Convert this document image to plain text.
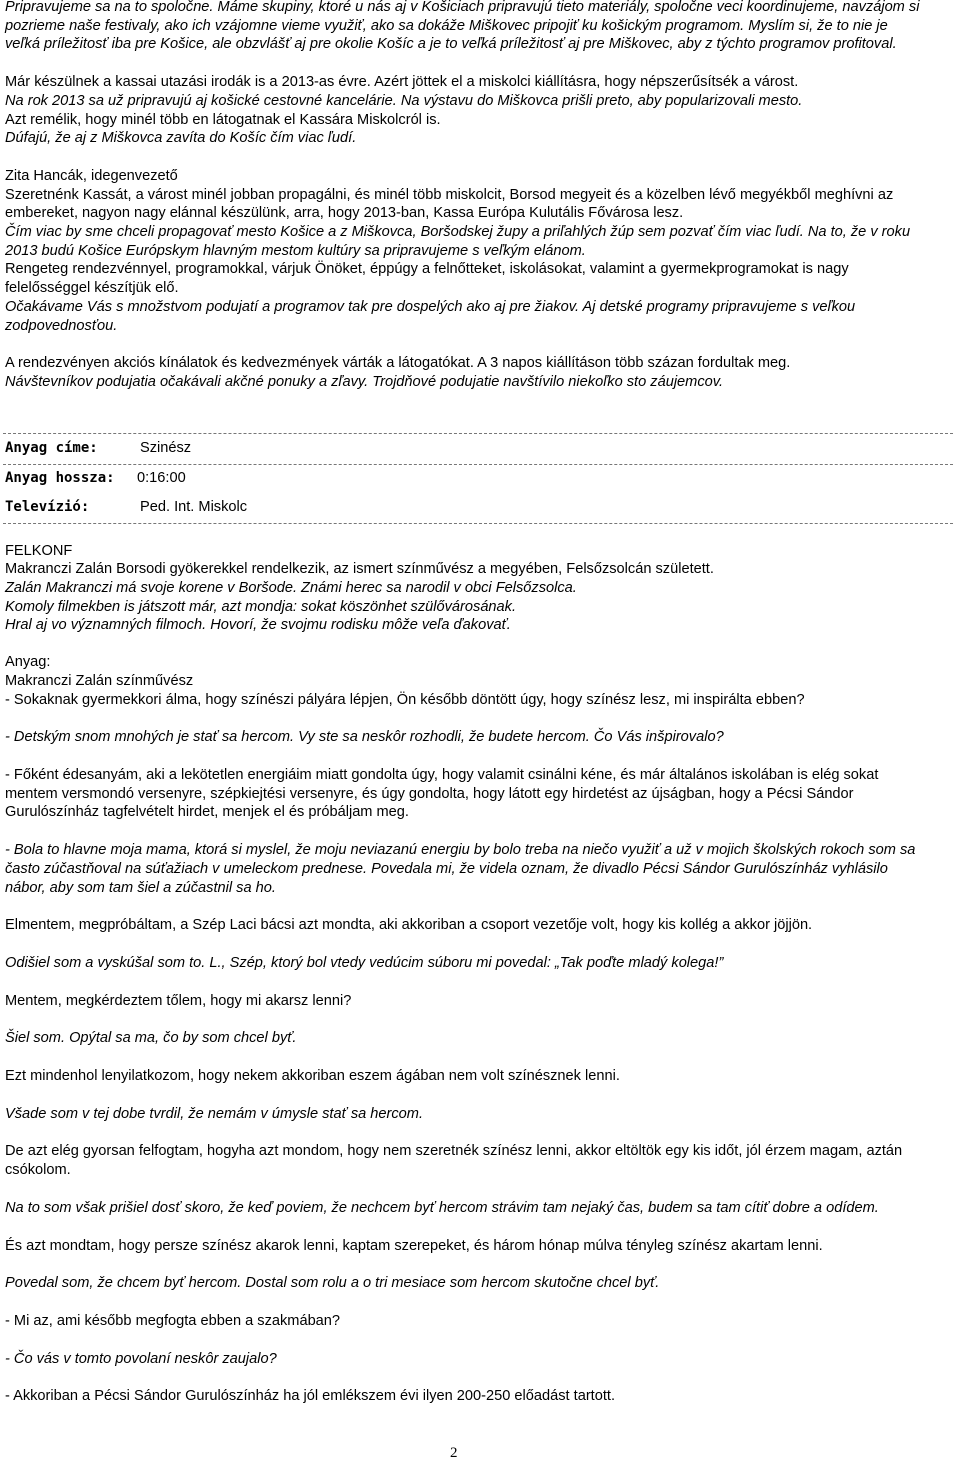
Pripravujeme sa na to spoločne. Máme skupiny, ktoré u nás aj v Košiciach pripravujú tieto materiály, spoločne veci koordinujeme, navzájom si pozrieme naše festivaly, ako ich vzájomne vieme využiť, ako sa dokáže Miškovec pripojiť ku košickým programom. Myslím si, že to nie je veľká príležitosť iba pre Košice, ale obzvlášť aj pre okolie Košíc a je to veľká príležitosť aj pre Miškovec, aby z týchto programov profitoval.

Már készülnek a kassai utazási irodák is a 2013-as évre. Azért jöttek el a miskolci kiállításra, hogy népszerűsítsék a várost.

Na rok 2013 sa už pripravujú aj košické cestovné kancelárie. Na výstavu do Miškovca prišli preto, aby popularizovali mesto.

Azt remélik, hogy minél több en látogatnak el Kassára Miskolcról is.

Dúfajú, že aj z Miškovca zavíta do Košíc čím viac ľudí.

Zita Hancák, idegenvezető

Szeretnénk Kassát, a várost minél jobban propagálni, és minél több miskolcit, Borsod megyeit és a közelben lévő megyékből meghívni az embereket, nagyon nagy elánnal készülünk, arra, hogy 2013-ban, Kassa Európa Kulutális Fővárosa lesz.

Čím viac by sme chceli propagovať mesto Košice a z Miškovca, Boršodskej župy a priľahlých žúp sem pozvať čím viac ľudí. Na to, že v roku 2013 budú Košice Európskym hlavným mestom kultúry sa pripravujeme s veľkým elánom.

Rengeteg rendezvénnyel, programokkal, várjuk Önöket, éppúgy a felnőtteket, iskolásokat, valamint a gyermekprogramokat is nagy felelősséggel készítjük elő.

Očakávame Vás s množstvom podujatí a programov tak pre dospelých ako aj pre žiakov. Aj detské programy pripravujeme s veľkou zodpovednosťou.

A rendezvényen akciós kínálatok és kedvezmények várták a látogatókat. A 3 napos kiállításon több százan fordultak meg.

Návštevníkov podujatia očakávali akčné ponuky a zľavy. Trojdňové podujatie navštívilo niekoľko sto záujemcov.

Anyag címe:	Szinész
Anyag hossza:	0:16:00
Televízió:	Ped. Int. Miskolc

FELKONF

Makranczi Zalán Borsodi gyökerekkel rendelkezik, az ismert színművész a megyében, Felsőzsolcán született.

Zalán Makranczi má svoje korene v Boršode. Známi herec sa narodil v obci Felsőzsolca.

Komoly filmekben is játszott már, azt mondja: sokat köszönhet szülővárosának.

Hral aj vo významných filmoch. Hovorí, že svojmu rodisku môže veľa ďakovať.

Anyag:

Makranczi Zalán színművész

- Sokaknak gyermekkori álma, hogy színészi pályára lépjen, Ön később döntött úgy, hogy színész lesz, mi inspirálta ebben?

- Detským snom mnohých je stať sa hercom. Vy ste sa neskôr rozhodli, že budete hercom. Čo Vás inšpirovalo?

- Főként édesanyám, aki a lekötetlen energiáim miatt gondolta úgy, hogy valamit csinálni kéne, és már általános iskolában is elég sokat mentem versmondó versenyre, szépkiejtési versenyre, és úgy gondolta, hogy látott egy hirdetést az újságban, hogy a Pécsi Sándor Gurulószínház tagfelvételt hirdet, menjek el és próbáljam meg.

- Bola to hlavne moja mama, ktorá si myslel, že moju neviazanú energiu by bolo treba na niečo využiť a už v mojich školských rokoch som sa často zúčastňoval na súťažiach v umeleckom prednese. Povedala mi, že videla oznam, že divadlo Pécsi Sándor Gurulószínház vyhlásilo nábor, aby som tam šiel a zúčastnil sa ho.

Elmentem, megpróbáltam, a Szép Laci bácsi azt mondta, aki akkoriban a csoport vezetője volt, hogy kis kollég a akkor jöjjön.

Odišiel som a vyskúšal som to. L., Szép, ktorý bol vtedy vedúcim súboru mi povedal: „Tak poďte mladý kolega!”

Mentem, megkérdeztem tőlem, hogy mi akarsz lenni?

Šiel som. Opýtal sa ma, čo by som chcel byť.

Ezt mindenhol lenyilatkozom, hogy nekem akkoriban eszem ágában nem volt színésznek lenni.

Všade som v tej dobe tvrdil, že nemám v úmysle stať sa hercom.

De azt elég gyorsan felfogtam, hogyha azt mondom, hogy nem szeretnék színész lenni, akkor eltöltök egy kis időt, jól érzem magam, aztán csókolom.

Na to som však prišiel dosť skoro, že keď poviem, že nechcem byť hercom strávim tam nejaký čas, budem sa tam cítiť dobre a odídem.

És azt mondtam, hogy persze színész akarok lenni, kaptam szerepeket, és három hónap múlva tényleg színész akartam lenni.

Povedal som, že chcem byť hercom. Dostal som rolu a o tri mesiace som hercom skutočne chcel byť.

- Mi az, ami később megfogta ebben a szakmában?

- Čo vás v tomto povolaní neskôr zaujalo?

- Akkoriban a Pécsi Sándor Gurulószínház ha jól emlékszem évi ilyen 200-250 előadást tartott.

2
